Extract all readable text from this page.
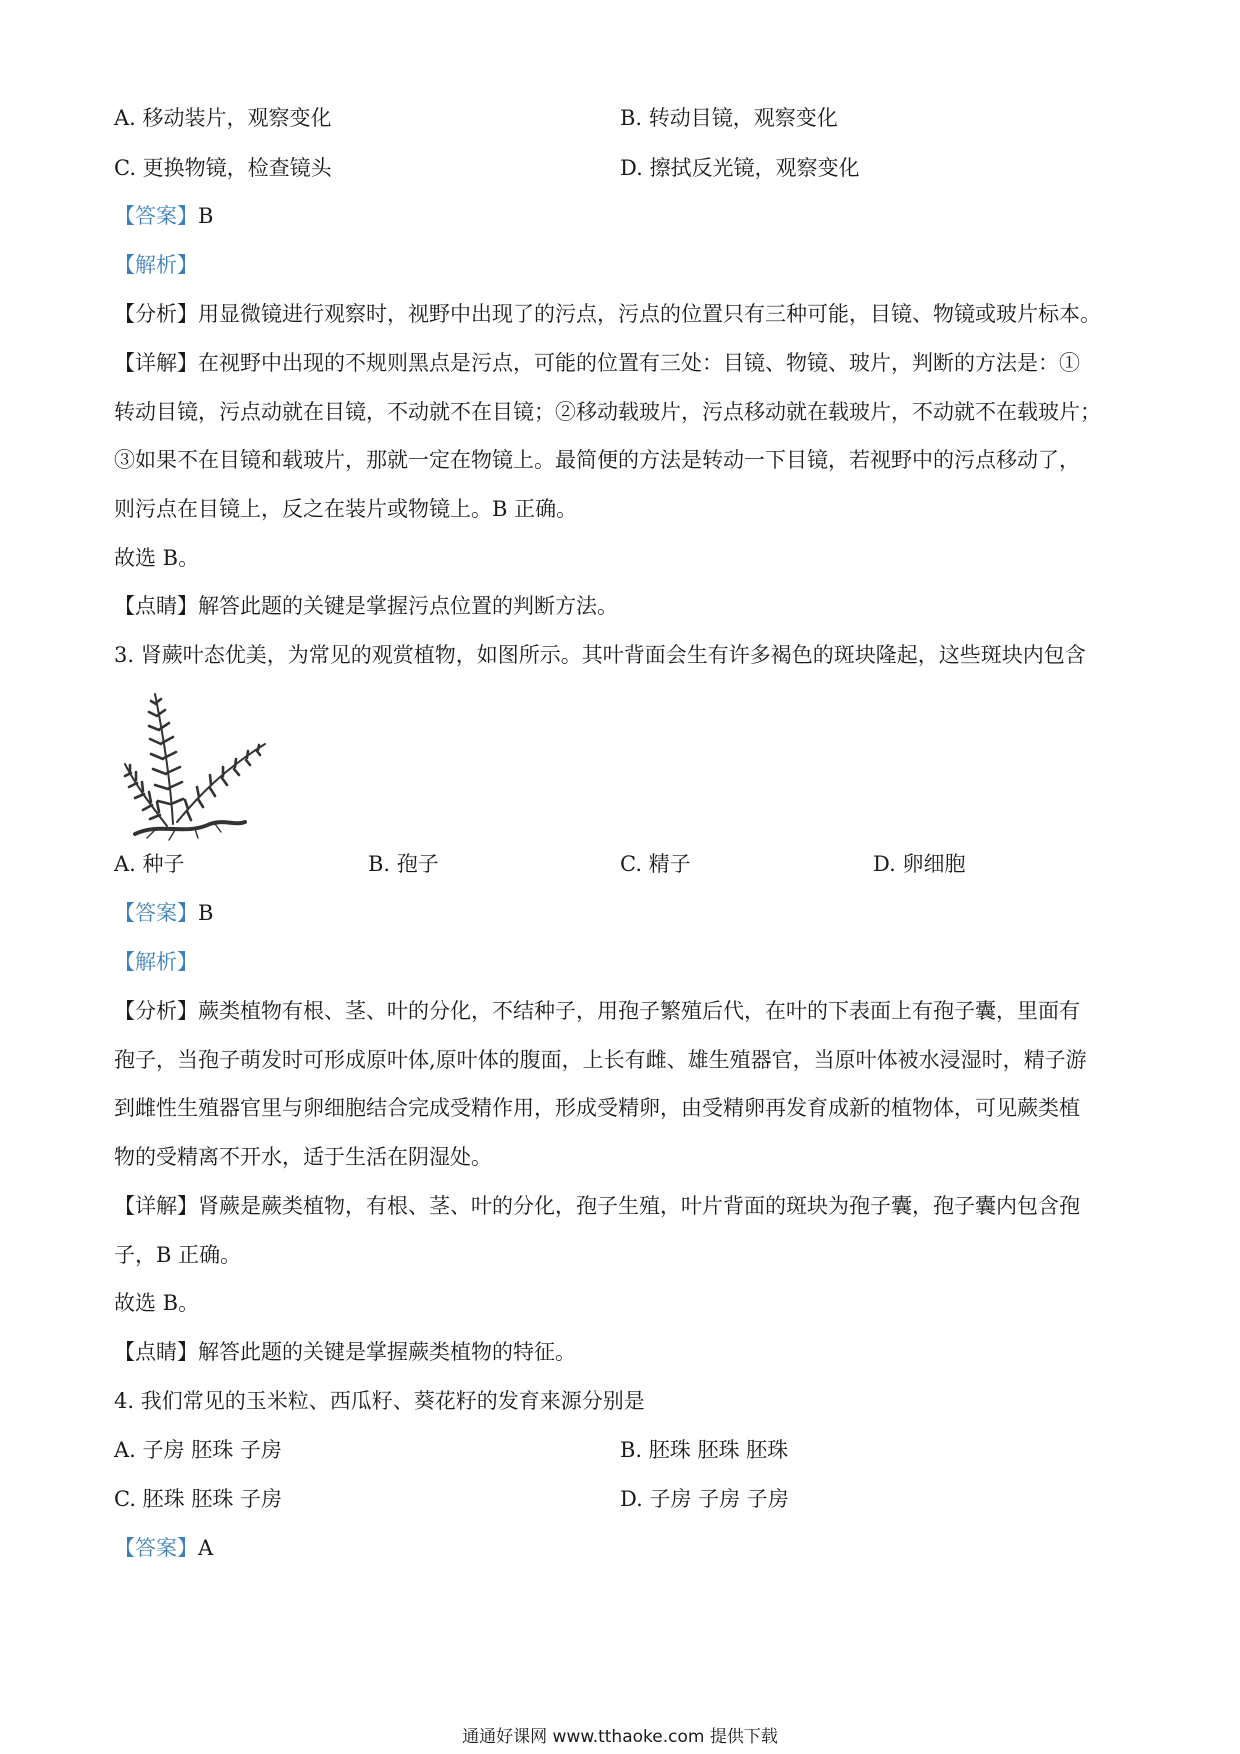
A. 移动装片，观察变化	B. 转动目镜，观察变化
C. 更换物镜，检查镜头	D. 擦拭反光镜，观察变化
【答案】B
【解析】
【分析】用显微镜进行观察时，视野中出现了的污点，污点的位置只有三种可能，目镜、物镜或玻片标本。
【详解】在视野中出现的不规则黑点是污点，可能的位置有三处：目镜、物镜、玻片，判断的方法是：①
转动目镜，污点动就在目镜，不动就不在目镜；②移动载玻片，污点移动就在载玻片，不动就不在载玻片；
③如果不在目镜和载玻片，那就一定在物镜上。最简便的方法是转动一下目镜，若视野中的污点移动了，
则污点在目镜上，反之在装片或物镜上。B 正确。
故选 B。
【点睛】解答此题的关键是掌握污点位置的判断方法。
3. 肾蕨叶态优美，为常见的观赏植物，如图所示。其叶背面会生有许多褐色的斑块隆起，这些斑块内包含
A. 种子	B. 孢子	C. 精子	D. 卵细胞
【答案】B
【解析】
【分析】蕨类植物有根、茎、叶的分化，不结种子，用孢子繁殖后代，在叶的下表面上有孢子囊，里面有
孢子，当孢子萌发时可形成原叶体,原叶体的腹面，上长有雌、雄生殖器官，当原叶体被水浸湿时，精子游
到雌性生殖器官里与卵细胞结合完成受精作用，形成受精卵，由受精卵再发育成新的植物体，可见蕨类植
物的受精离不开水，适于生活在阴湿处。
【详解】肾蕨是蕨类植物，有根、茎、叶的分化，孢子生殖，叶片背面的斑块为孢子囊，孢子囊内包含孢
子，B 正确。
故选 B。
【点睛】解答此题的关键是掌握蕨类植物的特征。
4. 我们常见的玉米粒、西瓜籽、葵花籽的发育来源分别是
A. 子房 胚珠 子房	B. 胚珠 胚珠 胚珠
C. 胚珠 胚珠 子房	D. 子房 子房 子房
【答案】A
通通好课网 www.tthaoke.com 提供下载
